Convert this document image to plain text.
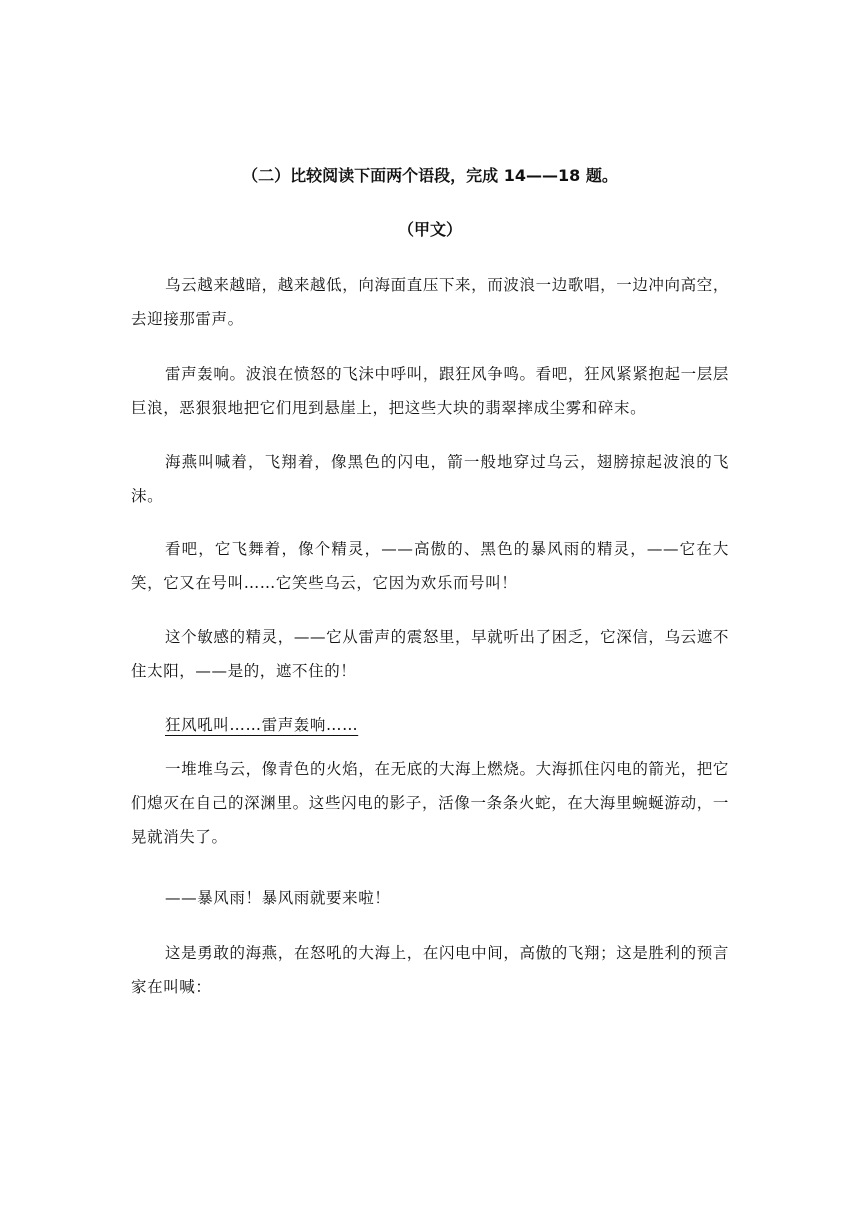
（二）比较阅读下面两个语段，完成 14——18 题。
（甲文）

乌云越来越暗，越来越低，向海面直压下来，而波浪一边歌唱，一边冲向高空，去迎接那雷声。

雷声轰响。波浪在愤怒的飞沫中呼叫，跟狂风争鸣。看吧，狂风紧紧抱起一层层巨浪，恶狠狠地把它们甩到悬崖上，把这些大块的翡翠摔成尘雾和碎末。

海燕叫喊着，飞翔着，像黑色的闪电，箭一般地穿过乌云，翅膀掠起波浪的飞沫。

看吧，它飞舞着，像个精灵，——高傲的、黑色的暴风雨的精灵，——它在大笑，它又在号叫……它笑些乌云，它因为欢乐而号叫！

这个敏感的精灵，——它从雷声的震怒里，早就听出了困乏，它深信，乌云遮不住太阳，——是的，遮不住的！

狂风吼叫……雷声轰响……

一堆堆乌云，像青色的火焰，在无底的大海上燃烧。大海抓住闪电的箭光，把它们熄灭在自己的深渊里。这些闪电的影子，活像一条条火蛇，在大海里蜿蜒游动，一晃就消失了。

——暴风雨！暴风雨就要来啦！

这是勇敢的海燕，在怒吼的大海上，在闪电中间，高傲的飞翔；这是胜利的预言家在叫喊：
